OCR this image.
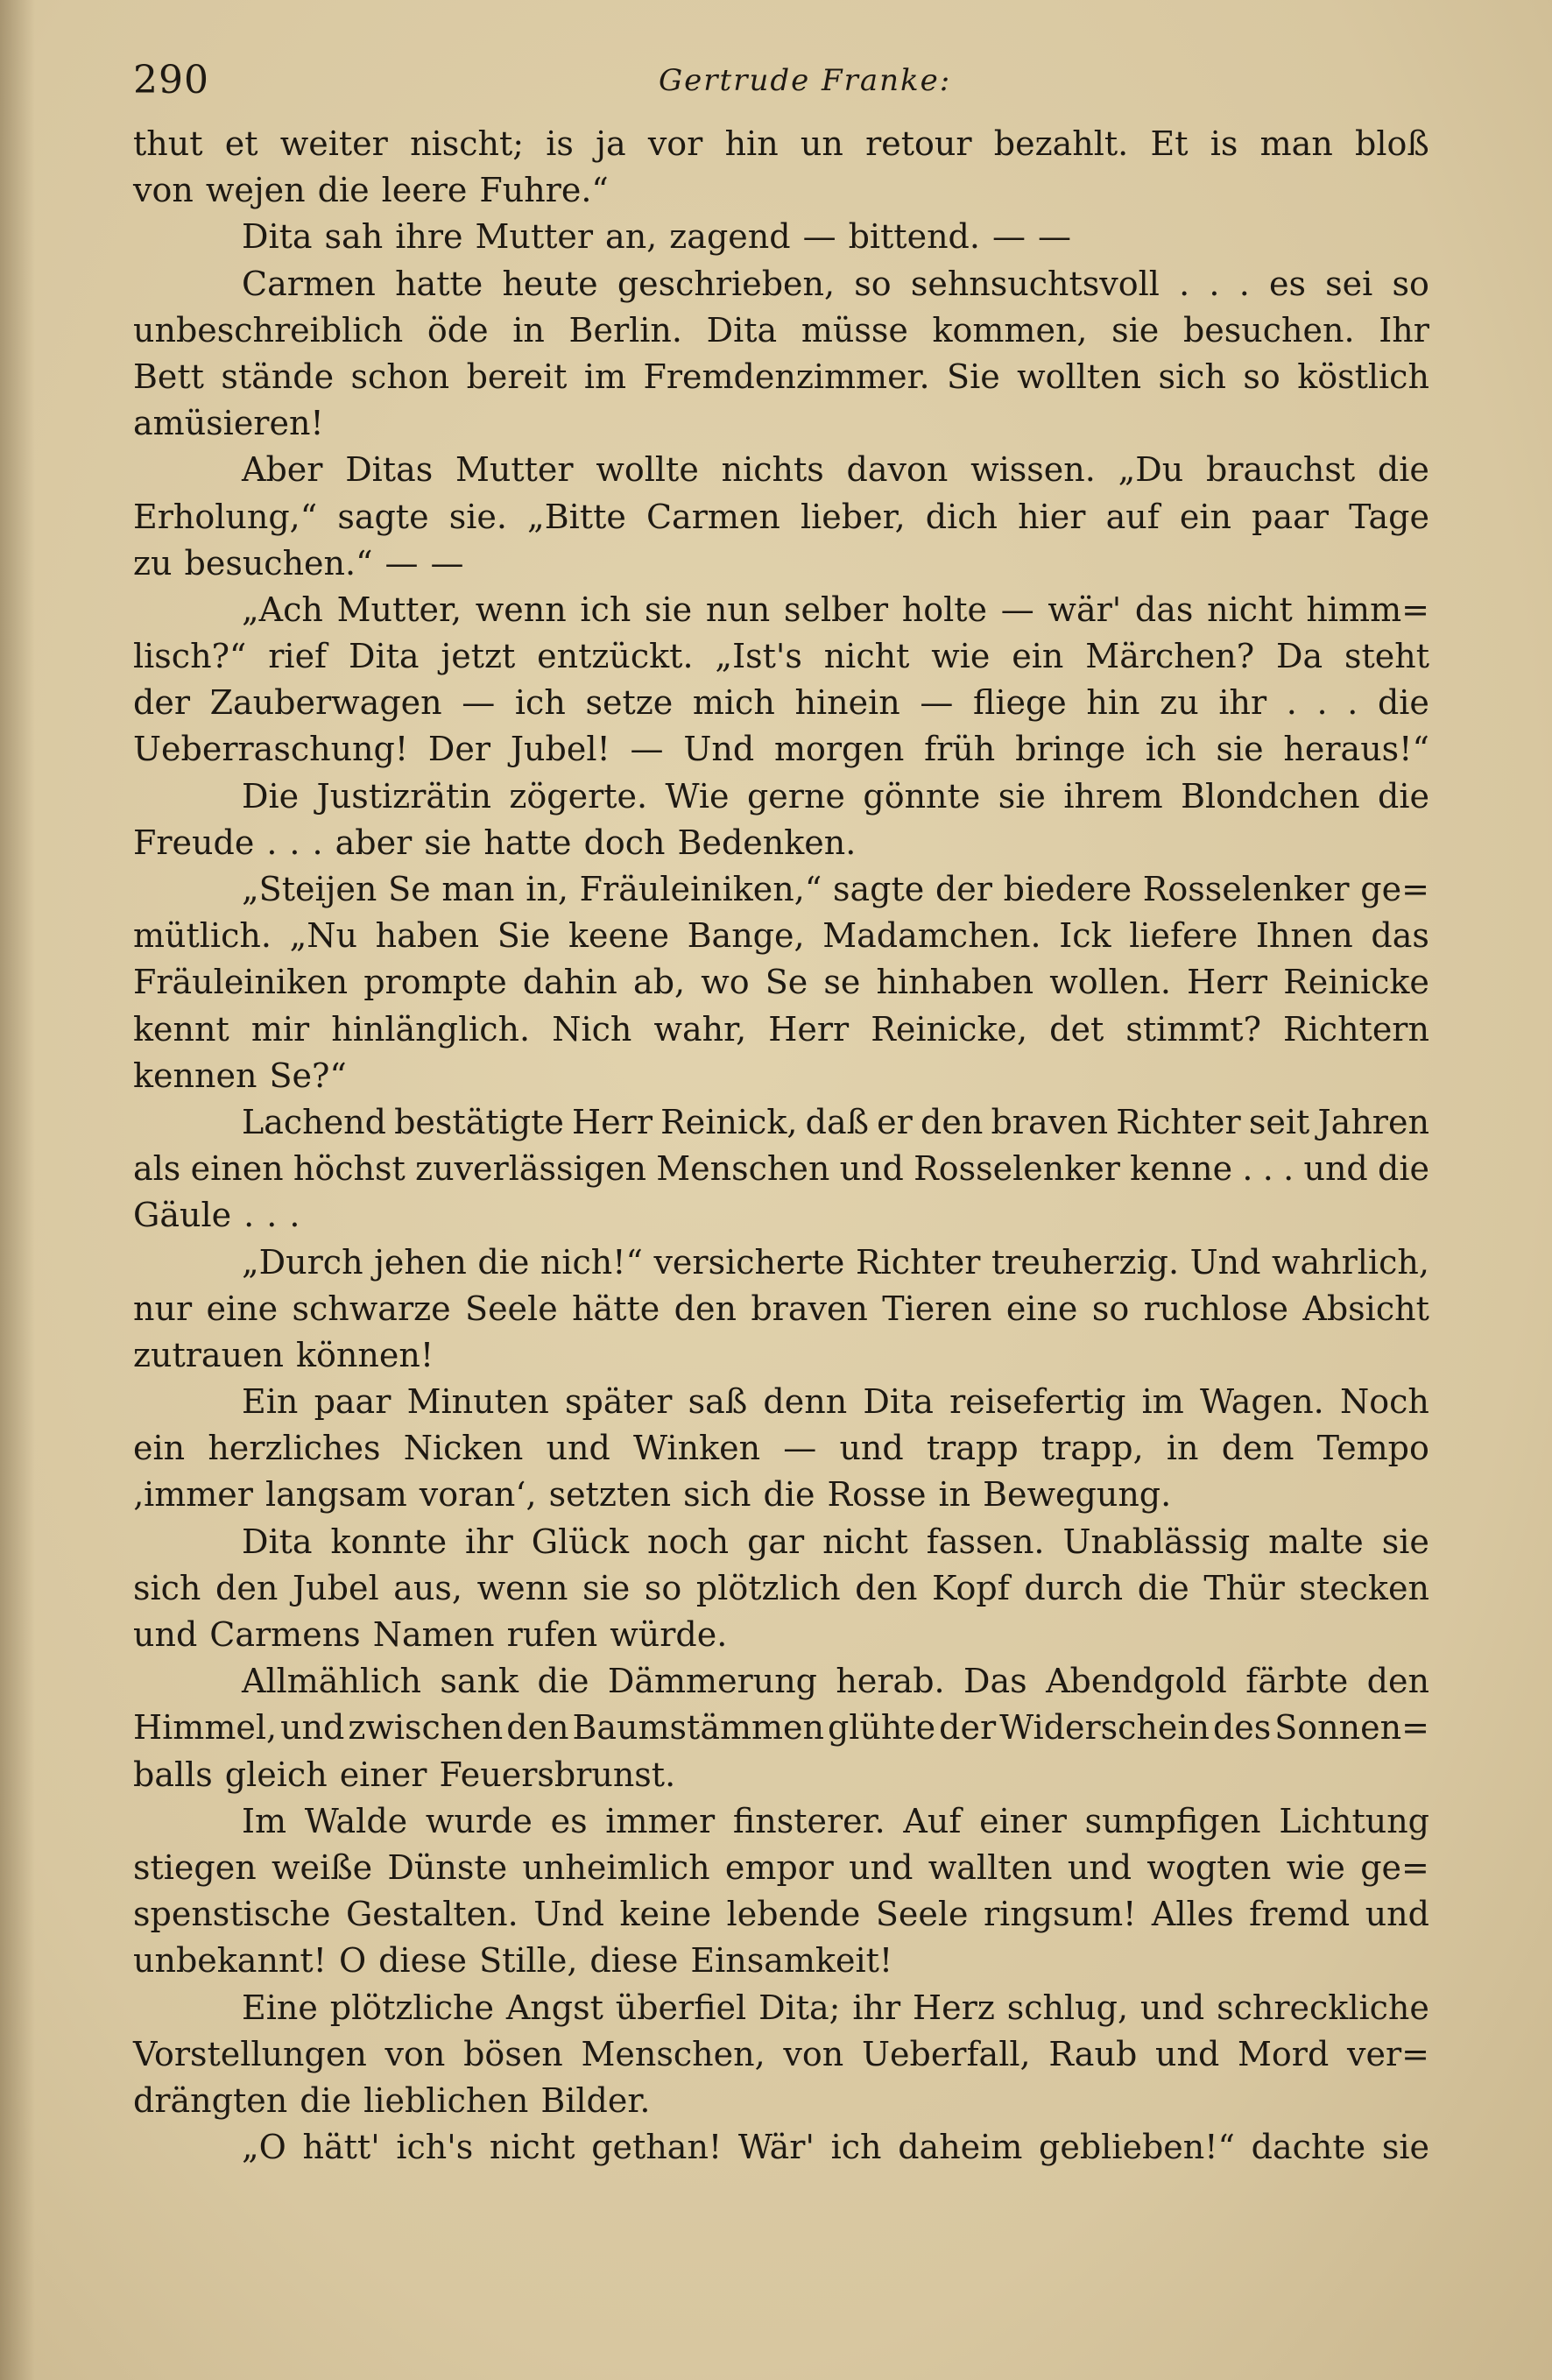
290	Gertrude Franke:
thut et weiter nischt; is ja vor hin un retour bezahlt. Et is man bloß
von wejen die leere Fuhre.“
Dita sah ihre Mutter an, zagend — bittend. — —
Carmen hatte heute geschrieben, so sehnsuchtsvoll . . . es sei so
unbeschreiblich öde in Berlin. Dita müsse kommen, sie besuchen. Ihr
Bett stände schon bereit im Fremdenzimmer. Sie wollten sich so köstlich
amüsieren!
Aber Ditas Mutter wollte nichts davon wissen. „Du brauchst die
Erholung,“ sagte sie. „Bitte Carmen lieber, dich hier auf ein paar Tage
zu besuchen.“ — —
„Ach Mutter, wenn ich sie nun selber holte — wär' das nicht himm=
lisch?“ rief Dita jetzt entzückt. „Ist's nicht wie ein Märchen? Da steht
der Zauberwagen — ich setze mich hinein — fliege hin zu ihr . . . die
Ueberraschung! Der Jubel! — Und morgen früh bringe ich sie heraus!“
Die Justizrätin zögerte. Wie gerne gönnte sie ihrem Blondchen die
Freude . . . aber sie hatte doch Bedenken.
„Steijen Se man in, Fräuleiniken,“ sagte der biedere Rosselenker ge=
mütlich. „Nu haben Sie keene Bange, Madamchen. Ick liefere Ihnen das
Fräuleiniken prompte dahin ab, wo Se se hinhaben wollen. Herr Reinicke
kennt mir hinlänglich. Nich wahr, Herr Reinicke, det stimmt? Richtern
kennen Se?“
Lachend bestätigte Herr Reinick, daß er den braven Richter seit Jahren
als einen höchst zuverlässigen Menschen und Rosselenker kenne . . . und die
Gäule . . .
„Durch jehen die nich!“ versicherte Richter treuherzig. Und wahrlich,
nur eine schwarze Seele hätte den braven Tieren eine so ruchlose Absicht
zutrauen können!
Ein paar Minuten später saß denn Dita reisefertig im Wagen. Noch
ein herzliches Nicken und Winken — und trapp trapp, in dem Tempo
‚immer langsam voran‘, setzten sich die Rosse in Bewegung.
Dita konnte ihr Glück noch gar nicht fassen. Unablässig malte sie
sich den Jubel aus, wenn sie so plötzlich den Kopf durch die Thür stecken
und Carmens Namen rufen würde.
Allmählich sank die Dämmerung herab. Das Abendgold färbte den
Himmel, und zwischen den Baumstämmen glühte der Widerschein des Sonnen=
balls gleich einer Feuersbrunst.
Im Walde wurde es immer finsterer. Auf einer sumpfigen Lichtung
stiegen weiße Dünste unheimlich empor und wallten und wogten wie ge=
spenstische Gestalten. Und keine lebende Seele ringsum! Alles fremd und
unbekannt! O diese Stille, diese Einsamkeit!
Eine plötzliche Angst überfiel Dita; ihr Herz schlug, und schreckliche
Vorstellungen von bösen Menschen, von Ueberfall, Raub und Mord ver=
drängten die lieblichen Bilder.
„O hätt' ich's nicht gethan! Wär' ich daheim geblieben!“ dachte sie
